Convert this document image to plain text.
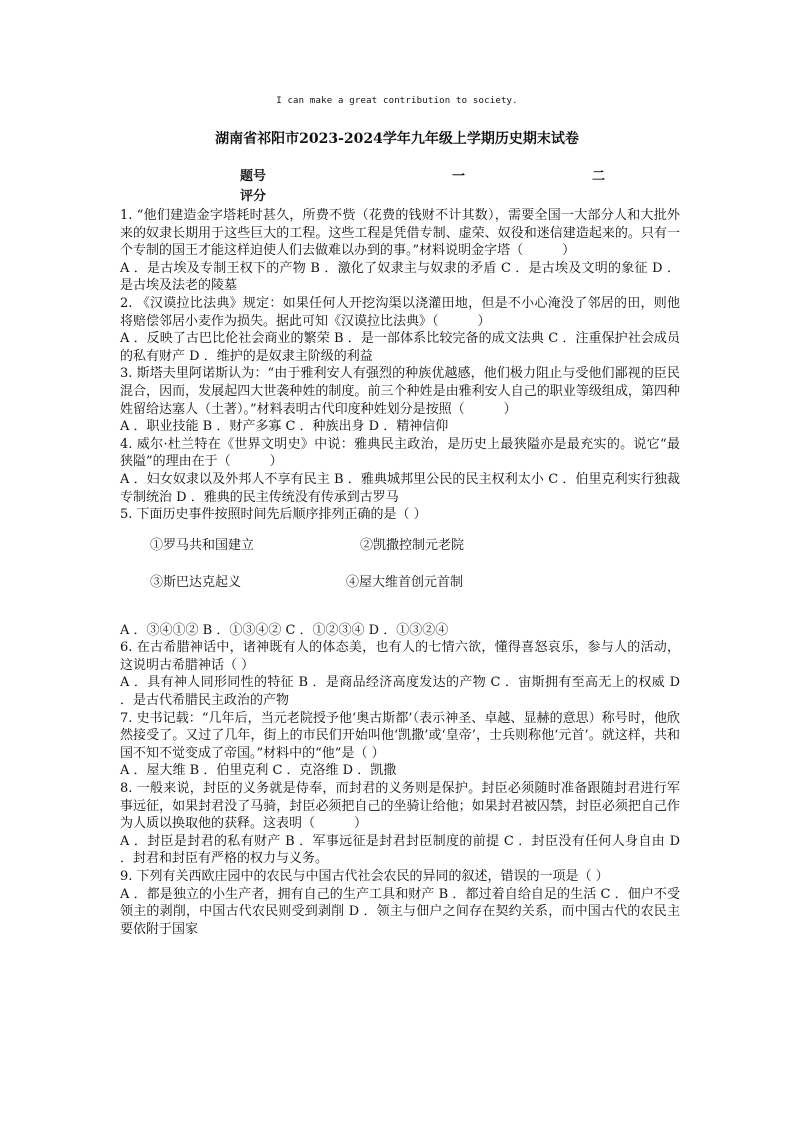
I can make a great contribution to society.
湖南省祁阳市2023-2024学年九年级上学期历史期末试卷
题号	一	二
评分

1. “他们建造金字塔耗时甚久，所费不赀（花费的钱财不计其数），需要全国一大部分人和大批外来的奴隶长期用于这些巨大的工程。这些工程是凭借专制、虚荣、奴役和迷信建造起来的。只有一个专制的国王才能这样迫使人们去做难以办到的事。”材料说明金字塔（　　　）

A ．是古埃及专制王权下的产物 B ．激化了奴隶主与奴隶的矛盾 C ．是古埃及文明的象征 D ．是古埃及法老的陵墓

2. 《汉谟拉比法典》规定：如果任何人开挖沟渠以浇灌田地，但是不小心淹没了邻居的田，则他将赔偿邻居小麦作为损失。据此可知《汉谟拉比法典》（　　　）

A ．反映了古巴比伦社会商业的繁荣 B ．是一部体系比较完备的成文法典 C ．注重保护社会成员的私有财产 D ．维护的是奴隶主阶级的利益

3. 斯塔夫里阿诺斯认为：“由于雅利安人有强烈的种族优越感，他们极力阻止与受他们鄙视的臣民混合，因而，发展起四大世袭种姓的制度。前三个种姓是由雅利安人自己的职业等级组成，第四种姓留给达塞人（土著）。”材料表明古代印度种姓划分是按照（　　　）

A ．职业技能 B ．财产多寡 C ．种族出身 D ．精神信仰

4. 威尔·杜兰特在《世界文明史》中说：雅典民主政治，是历史上最狭隘亦是最充实的。说它“最狭隘”的理由在于（　　　）

A ．妇女奴隶以及外邦人不享有民主 B ．雅典城邦里公民的民主权利太小 C ．伯里克利实行独裁专制统治 D ．雅典的民主传统没有传承到古罗马

5. 下面历史事件按照时间先后顺序排列正确的是（ ）

①罗马共和国建立	②凯撒控制元老院
③斯巴达克起义	④屋大维首创元首制

A ．③④①② B ．①③④② C ．①②③④ D ．①③②④

6. 在古希腊神话中，诸神既有人的体态美，也有人的七情六欲，懂得喜怒哀乐，参与人的活动，这说明古希腊神话（ ）

A ．具有神人同形同性的特征 B ．是商品经济高度发达的产物 C ．宙斯拥有至高无上的权威 D ．是古代希腊民主政治的产物

7. 史书记载：“几年后，当元老院授予他‘奥古斯都’（表示神圣、卓越、显赫的意思）称号时，他欣然接受了。又过了几年，街上的市民们开始叫他‘凯撒’或‘皇帝’，士兵则称他‘元首’。就这样，共和国不知不觉变成了帝国。”材料中的“他”是（ ）

A ．屋大维 B ．伯里克利 C ．克洛维 D ．凯撒

8. 一般来说，封臣的义务就是侍奉，而封君的义务则是保护。封臣必须随时准备跟随封君进行军事远征，如果封君没了马骑，封臣必须把自己的坐骑让给他；如果封君被囚禁，封臣必须把自己作为人质以换取他的获释。这表明（　　　）

A ．封臣是封君的私有财产 B ．军事远征是封君封臣制度的前提 C ．封臣没有任何人身自由 D ．封君和封臣有严格的权力与义务。

9. 下列有关西欧庄园中的农民与中国古代社会农民的异同的叙述，错误的一项是（ ）

A ．都是独立的小生产者，拥有自己的生产工具和财产 B ．都过着自给自足的生活 C ．佃户不受领主的剥削，中国古代农民则受到剥削 D ．领主与佃户之间存在契约关系，而中国古代的农民主要依附于国家
